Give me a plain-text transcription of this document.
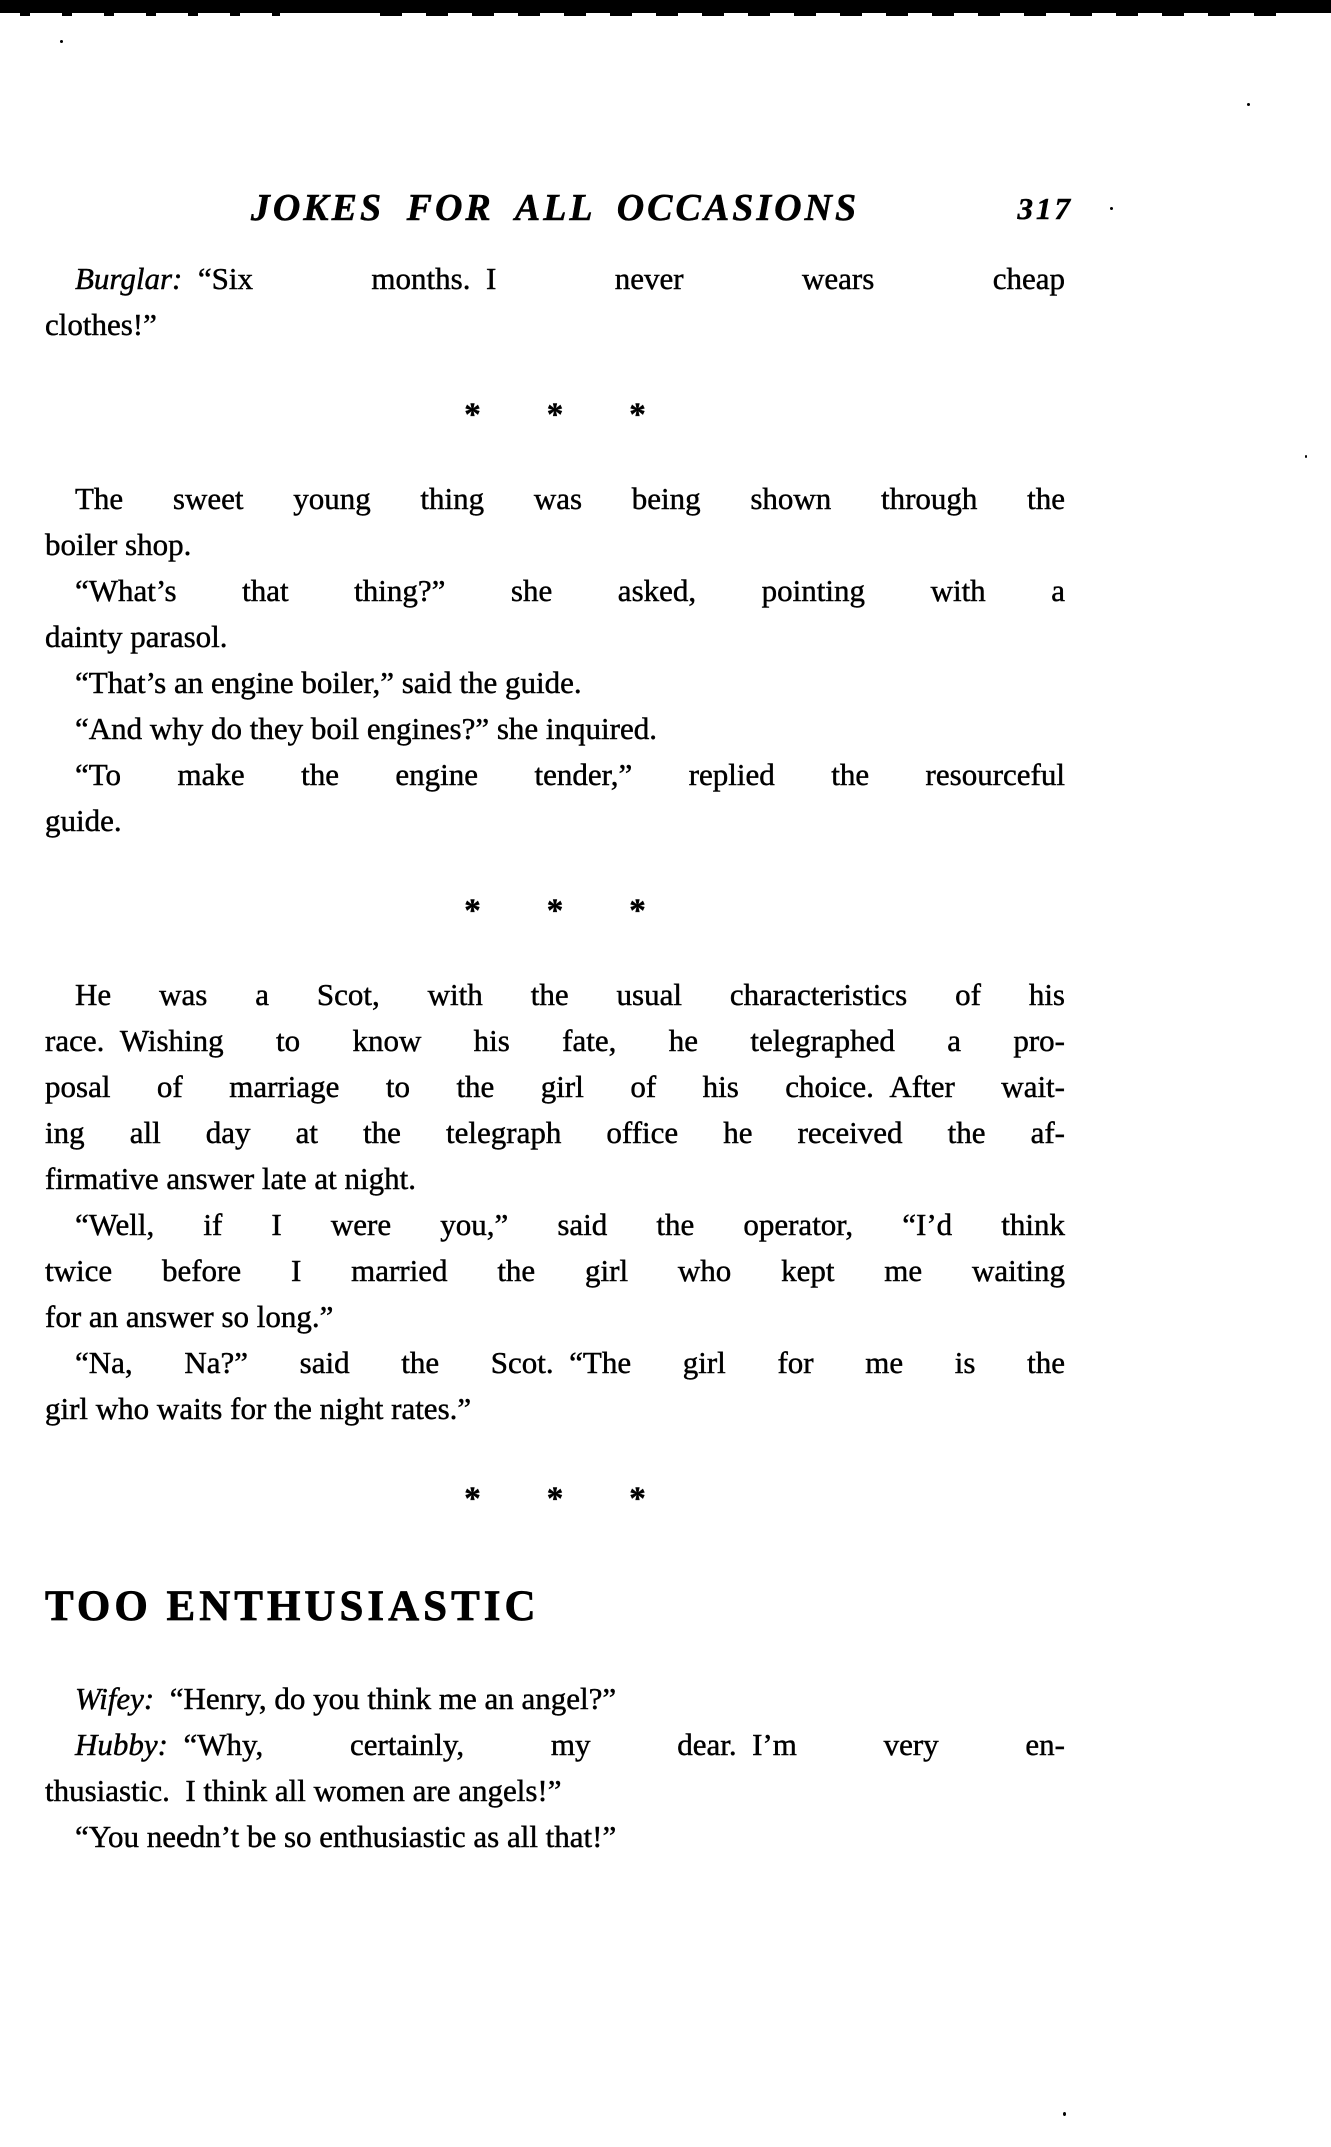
JOKES FOR ALL OCCASIONS	317
Burglar: “Six months. I never wears cheap
clothes!”
*  *  *
The sweet young thing was being shown through the
boiler shop.
“What’s that thing?” she asked, pointing with a
dainty parasol.
“That’s an engine boiler,” said the guide.
“And why do they boil engines?” she inquired.
“To make the engine tender,” replied the resourceful
guide.
*  *  *
He was a Scot, with the usual characteristics of his
race. Wishing to know his fate, he telegraphed a pro-
posal of marriage to the girl of his choice. After wait-
ing all day at the telegraph office he received the af-
firmative answer late at night.
“Well, if I were you,” said the operator, “I’d think
twice before I married the girl who kept me waiting
for an answer so long.”
“Na, Na?” said the Scot. “The girl for me is the
girl who waits for the night rates.”
*  *  *
TOO ENTHUSIASTIC
Wifey: “Henry, do you think me an angel?”
Hubby: “Why, certainly, my dear. I’m very en-
thusiastic. I think all women are angels!”
“You needn’t be so enthusiastic as all that!”
